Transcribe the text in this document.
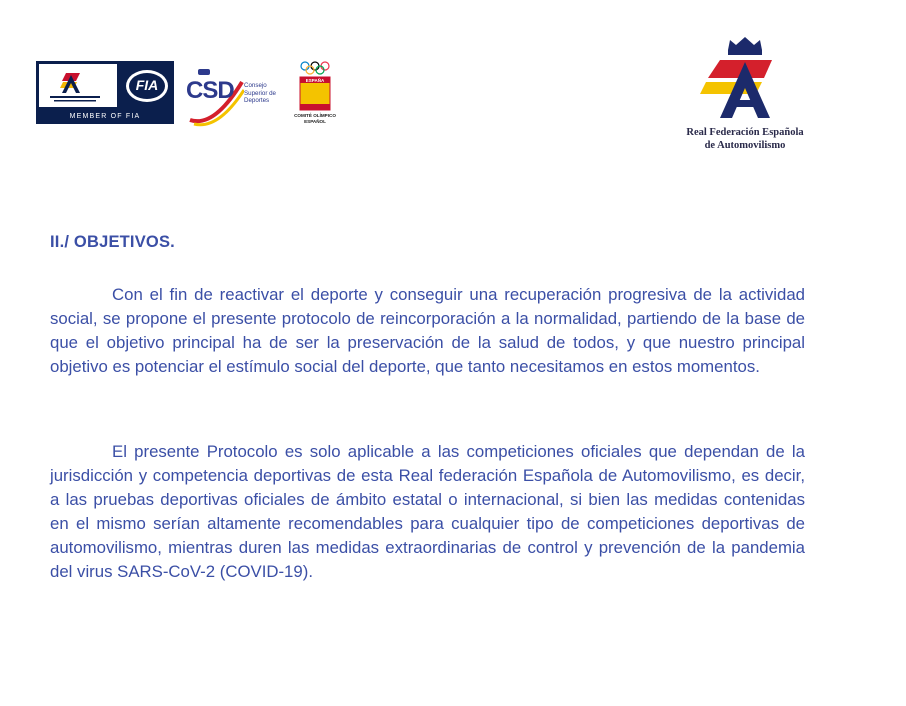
FIA
MEMBER OF FIA
CSD Consejo
Superior de
Deportes
ESPAÑA
COMITÉ OLÍMPICO
ESPAÑOL
Real Federación Española
de Automovilismo
II./ OBJETIVOS.

Con el fin de reactivar el deporte y conseguir una recuperación progresiva de la actividad social, se propone el presente protocolo de reincorporación a la normalidad, partiendo de la base de que el objetivo principal ha de ser la preservación de la salud de todos, y que nuestro principal objetivo es potenciar el estímulo social del deporte, que tanto necesitamos en estos momentos.

El presente Protocolo es solo aplicable a las competiciones oficiales que dependan de la jurisdicción y competencia deportivas de esta Real federación Española de Automovilismo, es decir, a las pruebas deportivas oficiales de ámbito estatal o internacional, si bien las medidas contenidas en el mismo serían altamente recomendables para cualquier tipo de competiciones deportivas de automovilismo, mientras duren las medidas extraordinarias de control y prevención de la pandemia del virus SARS-CoV-2 (COVID-19).
